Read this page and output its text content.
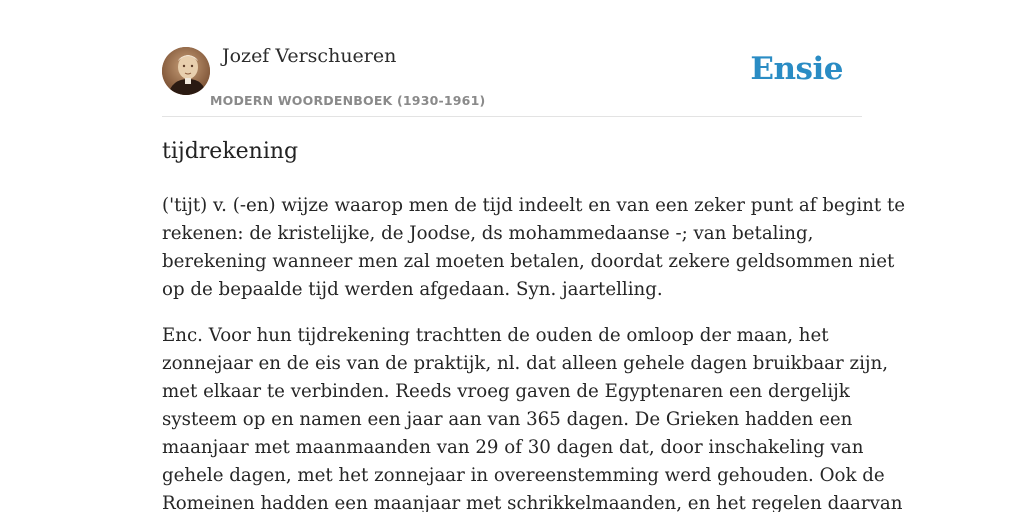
Jozef Verschueren
MODERN WOORDENBOEK (1930-1961)
Ensie
tijdrekening

('tijt) v. (-en) wijze waarop men de tijd indeelt en van een zeker punt af begint te
rekenen: de kristelijke, de Joodse, ds mohammedaanse -; van betaling,
berekening wanneer men zal moeten betalen, doordat zekere geldsommen niet
op de bepaalde tijd werden afgedaan. Syn. jaartelling.

Enc. Voor hun tijdrekening trachtten de ouden de omloop der maan, het
zonnejaar en de eis van de praktijk, nl. dat alleen gehele dagen bruikbaar zijn,
met elkaar te verbinden. Reeds vroeg gaven de Egyptenaren een dergelijk
systeem op en namen een jaar aan van 365 dagen. De Grieken hadden een
maanjaar met maanmaanden van 29 of 30 dagen dat, door inschakeling van
gehele dagen, met het zonnejaar in overeenstemming werd gehouden. Ook de
Romeinen hadden een maanjaar met schrikkelmaanden, en het regelen daarvan
